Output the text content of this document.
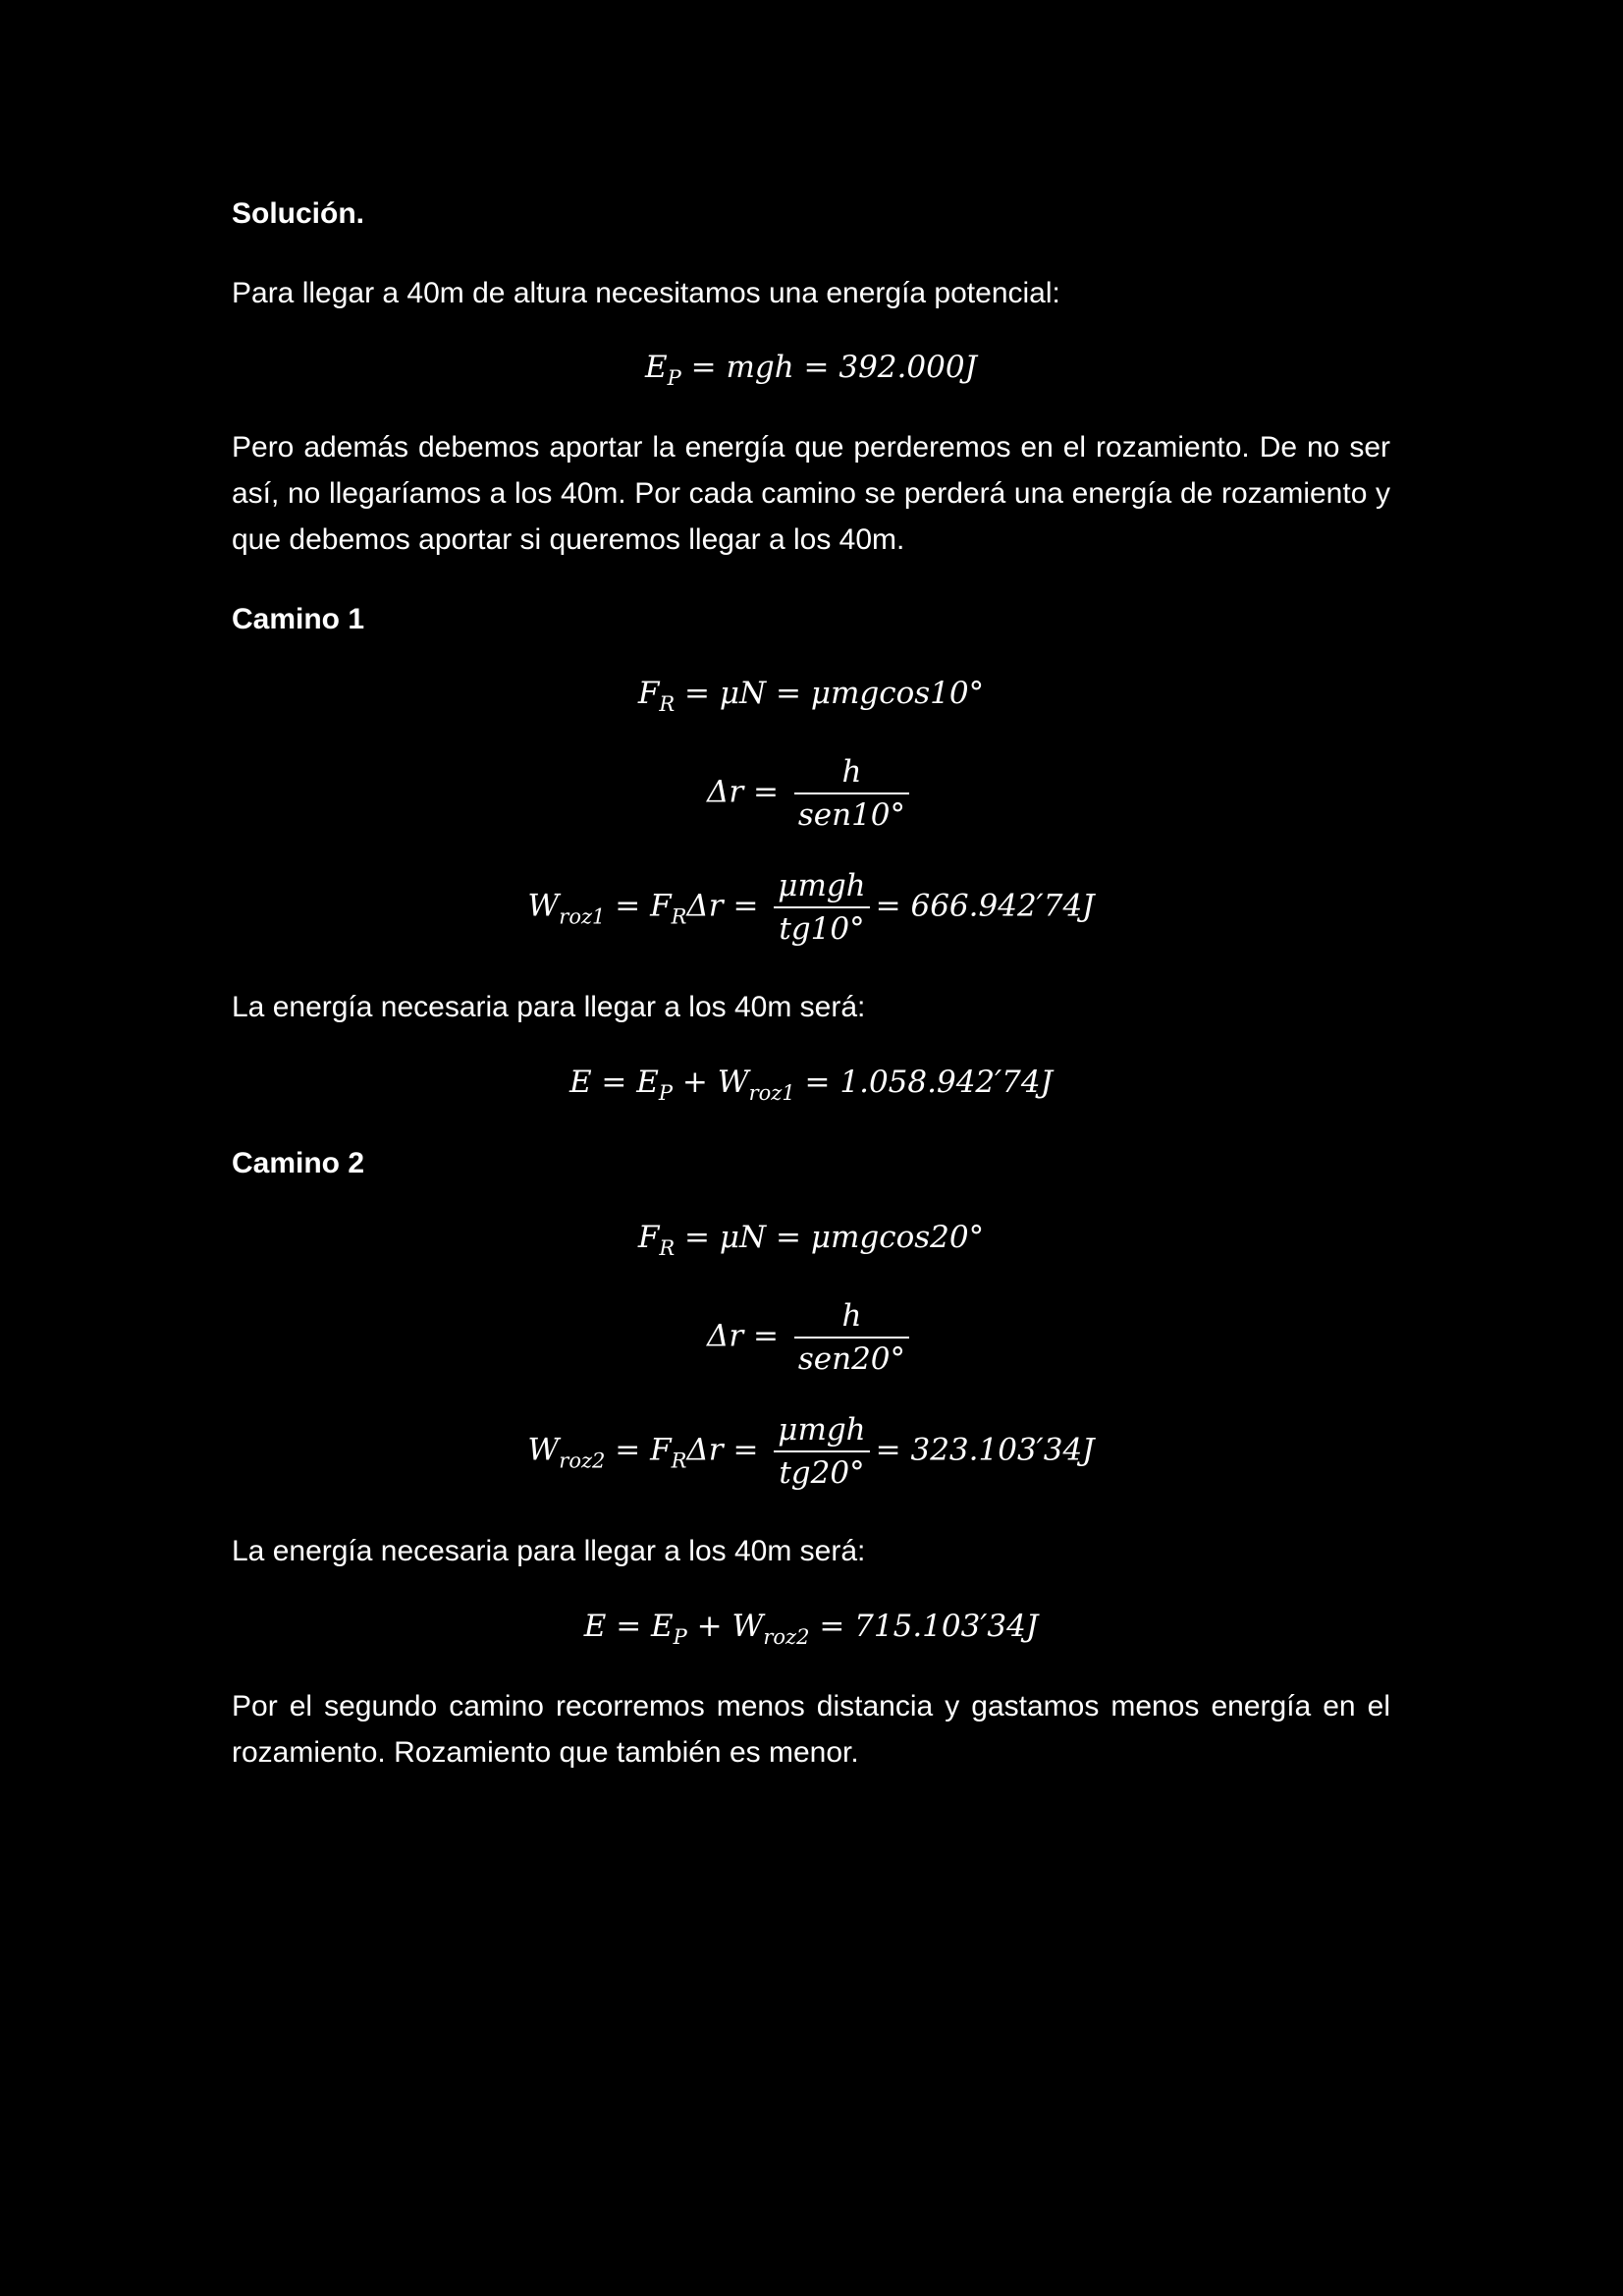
Solución.
Para llegar a 40m de altura necesitamos una energía potencial:
$E_P$ = mgh = 392.000J
Pero además debemos aportar la energía que perderemos en el rozamiento. De no ser así, no llegaríamos a los 40m. Por cada camino se perderá una energía de rozamiento y que debemos aportar si queremos llegar a los 40m.
Camino 1
$F_R = \mu N = \mu mgcos10^\circ$
$\Delta r = \frac{h}{\text{sen10°}}$
$W_{roz1} = F_R\Delta r = \frac{\text{μmgh}}{tg10^\circ} = 666.942'74J$
La energía necesaria para llegar a los 40m será:
$E = E_P + W_{roz1} = 1.058.942'74J$
Camino 2
$F_R = \mu N = \mu mgcos20^\circ$
$\Delta r = \frac{h}{\text{sen20°}}$
$W_{roz2} = F_R\Delta r = \frac{\text{μmgh}}{tg20^\circ} = 323.103'34J$
La energía necesaria para llegar a los 40m será:
$E = E_P + W_{roz2} = 715.103'34J$
Por el segundo camino recorremos menos distancia y gastamos menos energía en el rozamiento. Rozamiento que también es menor.
